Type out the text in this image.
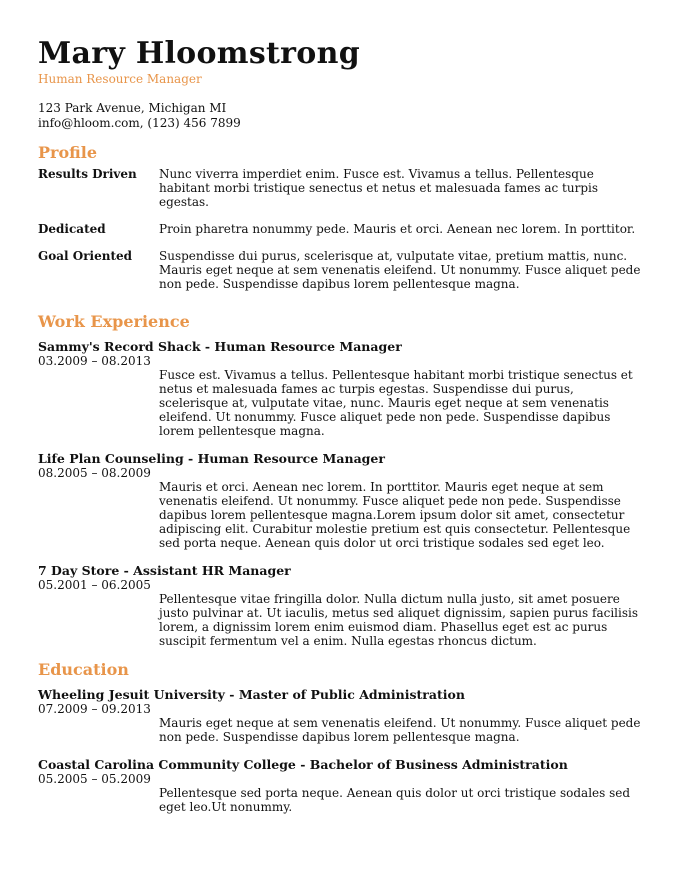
Mary Hloomstrong
Human Resource Manager
123 Park Avenue, Michigan MI
info@hloom.com, (123) 456 7899
Profile
Results Driven	Nunc viverra imperdiet enim. Fusce est. Vivamus a tellus. Pellentesque habitant morbi tristique senectus et netus et malesuada fames ac turpis egestas.
Dedicated	Proin pharetra nonummy pede. Mauris et orci. Aenean nec lorem. In porttitor.
Goal Oriented	Suspendisse dui purus, scelerisque at, vulputate vitae, pretium mattis, nunc. Mauris eget neque at sem venenatis eleifend. Ut nonummy. Fusce aliquet pede non pede. Suspendisse dapibus lorem pellentesque magna.
Work Experience
Sammy's Record Shack - Human Resource Manager
03.2009 – 08.2013
Fusce est. Vivamus a tellus. Pellentesque habitant morbi tristique senectus et netus et malesuada fames ac turpis egestas. Suspendisse dui purus, scelerisque at, vulputate vitae, nunc. Mauris eget neque at sem venenatis eleifend. Ut nonummy. Fusce aliquet pede non pede. Suspendisse dapibus lorem pellentesque magna.
Life Plan Counseling - Human Resource Manager
08.2005 – 08.2009
Mauris et orci. Aenean nec lorem. In porttitor. Mauris eget neque at sem venenatis eleifend. Ut nonummy. Fusce aliquet pede non pede. Suspendisse dapibus lorem pellentesque magna.Lorem ipsum dolor sit amet, consectetur adipiscing elit. Curabitur molestie pretium est quis consectetur. Pellentesque sed porta neque. Aenean quis dolor ut orci tristique sodales sed eget leo.
7 Day Store - Assistant HR Manager
05.2001 – 06.2005
Pellentesque vitae fringilla dolor. Nulla dictum nulla justo, sit amet posuere justo pulvinar at. Ut iaculis, metus sed aliquet dignissim, sapien purus facilisis lorem, a dignissim lorem enim euismod diam. Phasellus eget est ac purus suscipit fermentum vel a enim. Nulla egestas rhoncus dictum.
Education
Wheeling Jesuit University - Master of Public Administration
07.2009 – 09.2013
Mauris eget neque at sem venenatis eleifend. Ut nonummy. Fusce aliquet pede non pede. Suspendisse dapibus lorem pellentesque magna.
Coastal Carolina Community College - Bachelor of Business Administration
05.2005 – 05.2009
Pellentesque sed porta neque. Aenean quis dolor ut orci tristique sodales sed eget leo.Ut nonummy.
